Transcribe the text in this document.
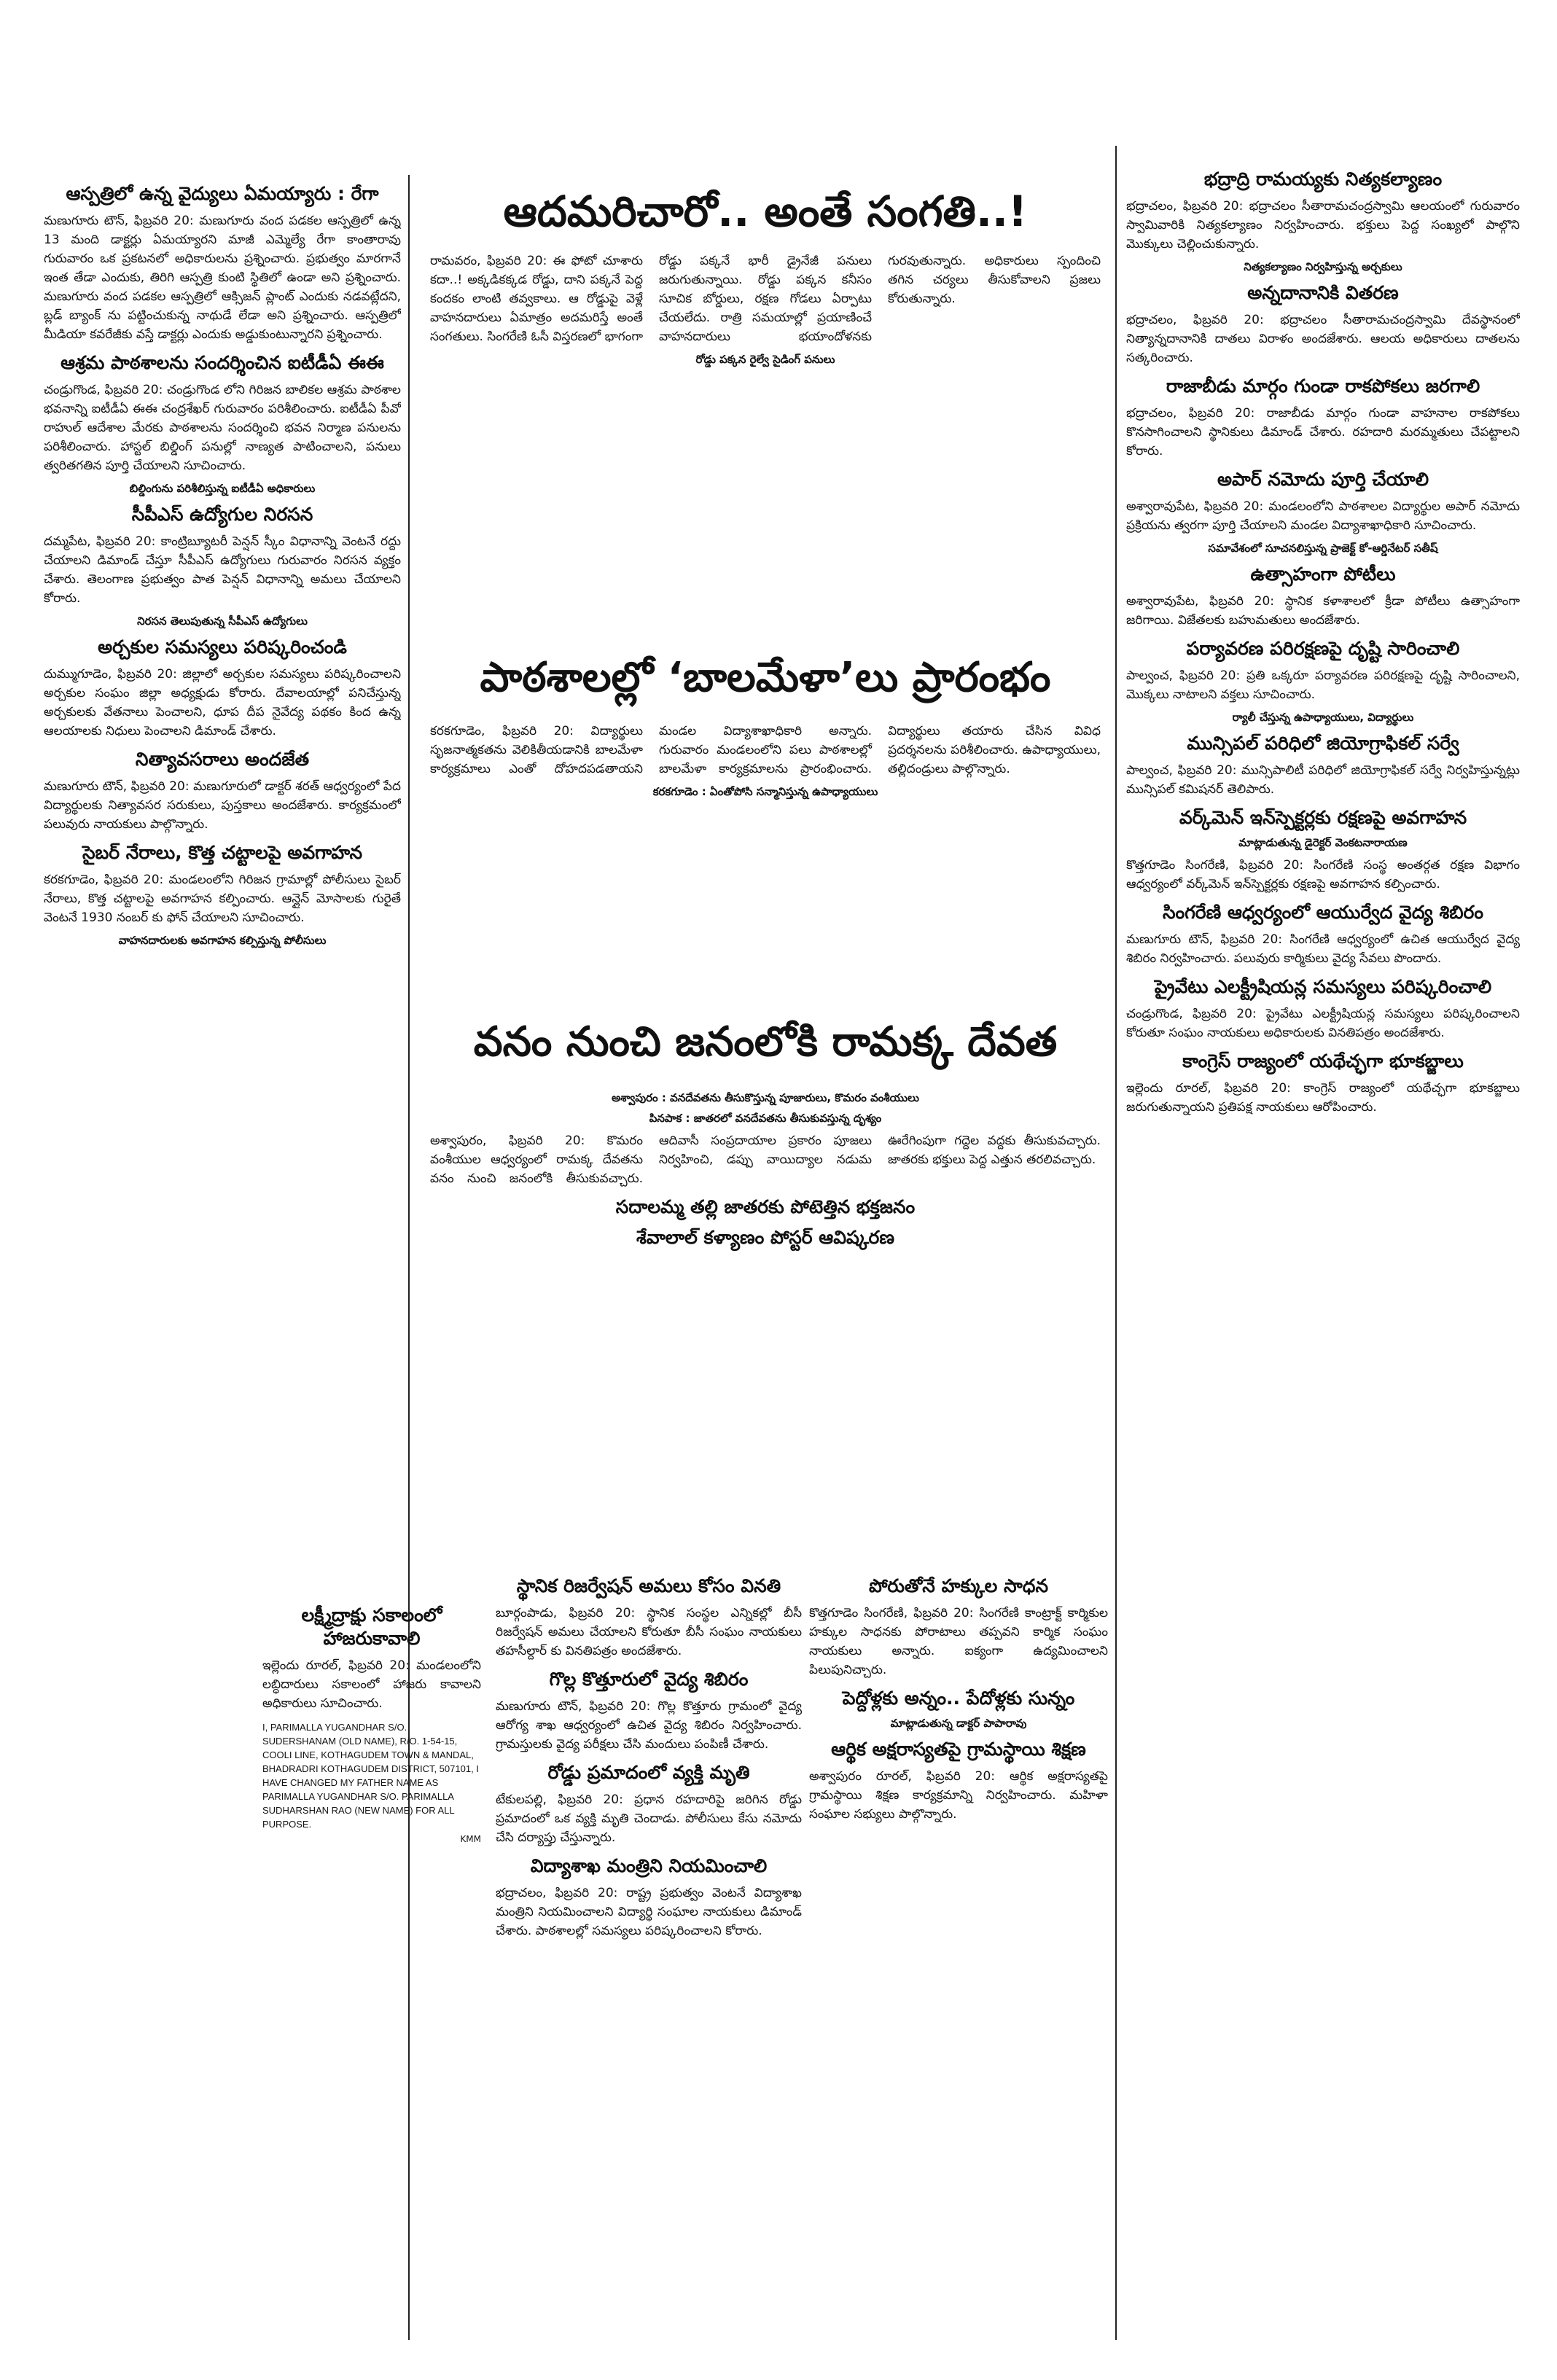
ఆస్పత్రిలో ఉన్న వైద్యులు ఏమయ్యారు : రేగా

మణుగూరు టౌన్, ఫిబ్రవరి 20: మణుగూరు వంద పడకల ఆస్పత్రిలో ఉన్న 13 మంది డాక్టర్లు ఏమయ్యారని మాజీ ఎమ్మెల్యే రేగా కాంతారావు గురువారం ఒక ప్రకటనలో అధికారులను ప్రశ్నించారు. ప్రభుత్వం మారగానే ఇంత తేడా ఎందుకు, తిరిగి ఆస్పత్రి కుంటి స్థితిలో ఉండా అని ప్రశ్నించారు. మణుగూరు వంద పడకల ఆస్పత్రిలో ఆక్సిజన్ ప్లాంట్ ఎందుకు నడవట్లేదని, బ్లడ్ బ్యాంక్ ను పట్టించుకున్న నాథుడే లేడా అని ప్రశ్నించారు. ఆస్పత్రిలో మీడియా కవరేజీకు వస్తే డాక్టర్లు ఎందుకు అడ్డుకుంటున్నారని ప్రశ్నించారు.

ఆశ్రమ పాఠశాలను సందర్శించిన ఐటీడీఏ ఈఈ

చండ్రుగొండ, ఫిబ్రవరి 20: చండ్రుగొండ లోని గిరిజన బాలికల ఆశ్రమ పాఠశాల భవనాన్ని ఐటీడీఏ ఈఈ చంద్రశేఖర్ గురువారం పరిశీలించారు. ఐటీడీఏ పీవో రాహుల్ ఆదేశాల మేరకు పాఠశాలను సందర్శించి భవన నిర్మాణ పనులను పరిశీలించారు. హాస్టల్ బిల్డింగ్ పనుల్లో నాణ్యత పాటించాలని, పనులు త్వరితగతిన పూర్తి చేయాలని సూచించారు.

బిల్డింగును పరిశీలిస్తున్న ఐటీడీఏ అధికారులు
సీపీఎస్ ఉద్యోగుల నిరసన

దమ్మపేట, ఫిబ్రవరి 20: కాంట్రిబ్యూటరీ పెన్షన్ స్కీం విధానాన్ని వెంటనే రద్దు చేయాలని డిమాండ్ చేస్తూ సీపీఎస్ ఉద్యోగులు గురువారం నిరసన వ్యక్తం చేశారు. తెలంగాణ ప్రభుత్వం పాత పెన్షన్ విధానాన్ని అమలు చేయాలని కోరారు.

నిరసన తెలుపుతున్న సీపీఎస్ ఉద్యోగులు
అర్చకుల సమస్యలు పరిష్కరించండి

దుమ్ముగూడెం, ఫిబ్రవరి 20: జిల్లాలో అర్చకుల సమస్యలు పరిష్కరించాలని అర్చకుల సంఘం జిల్లా అధ్యక్షుడు కోరారు. దేవాలయాల్లో పనిచేస్తున్న అర్చకులకు వేతనాలు పెంచాలని, ధూప దీప నైవేద్య పథకం కింద ఉన్న ఆలయాలకు నిధులు పెంచాలని డిమాండ్ చేశారు.

నిత్యావసరాలు అందజేత

మణుగూరు టౌన్, ఫిబ్రవరి 20: మణుగూరులో డాక్టర్ శరత్ ఆధ్వర్యంలో పేద విద్యార్థులకు నిత్యావసర సరుకులు, పుస్తకాలు అందజేశారు. కార్యక్రమంలో పలువురు నాయకులు పాల్గొన్నారు.

సైబర్ నేరాలు, కొత్త చట్టాలపై అవగాహన

కరకగూడెం, ఫిబ్రవరి 20: మండలంలోని గిరిజన గ్రామాల్లో పోలీసులు సైబర్ నేరాలు, కొత్త చట్టాలపై అవగాహన కల్పించారు. ఆన్లైన్ మోసాలకు గురైతే వెంటనే 1930 నంబర్ కు ఫోన్ చేయాలని సూచించారు.

వాహనదారులకు అవగాహన కల్పిస్తున్న పోలీసులు
ఆదమరిచారో.. అంతే సంగతి..!

రామవరం, ఫిబ్రవరి 20: ఈ ఫోటో చూశారు కదా..! అక్కడికక్కడ రోడ్డు, దాని పక్కనే పెద్ద కందకం లాంటి తవ్వకాలు. ఆ రోడ్డుపై వెళ్లే వాహనదారులు ఏమాత్రం అదమరిస్తే అంతే సంగతులు. సింగరేణి ఓసీ విస్తరణలో భాగంగా రోడ్డు పక్కనే భారీ డ్రైనేజీ పనులు జరుగుతున్నాయి. రోడ్డు పక్కన కనీసం సూచిక బోర్డులు, రక్షణ గోడలు ఏర్పాటు చేయలేదు. రాత్రి సమయాల్లో ప్రయాణించే వాహనదారులు భయాందోళనకు గురవుతున్నారు. అధికారులు స్పందించి తగిన చర్యలు తీసుకోవాలని ప్రజలు కోరుతున్నారు.

రోడ్డు పక్కన రైల్వే సైడింగ్ పనులు
పాఠశాలల్లో ‘బాలమేళా’లు ప్రారంభం

కరకగూడెం, ఫిబ్రవరి 20: విద్యార్థులు సృజనాత్మకతను వెలికితీయడానికి బాలమేళా కార్యక్రమాలు ఎంతో దోహదపడతాయని మండల విద్యాశాఖాధికారి అన్నారు. గురువారం మండలంలోని పలు పాఠశాలల్లో బాలమేళా కార్యక్రమాలను ప్రారంభించారు. విద్యార్థులు తయారు చేసిన వివిధ ప్రదర్శనలను పరిశీలించారు. ఉపాధ్యాయులు, తల్లిదండ్రులు పాల్గొన్నారు.

కరకగూడెం : ఏంతోపోసి సన్మానిస్తున్న ఉపాధ్యాయులు
వనం నుంచి జనంలోకి రామక్క దేవత
అశ్వాపురం : వనదేవతను తీసుకొస్తున్న పూజారులు, కొమరం వంశీయులు
పినపాక : జాతరలో వనదేవతను తీసుకువస్తున్న దృశ్యం

అశ్వాపురం, ఫిబ్రవరి 20: కొమరం వంశీయుల ఆధ్వర్యంలో రామక్క దేవతను వనం నుంచి జనంలోకి తీసుకువచ్చారు. ఆదివాసీ సంప్రదాయాల ప్రకారం పూజలు నిర్వహించి, డప్పు వాయిద్యాల నడుమ ఊరేగింపుగా గద్దెల వద్దకు తీసుకువచ్చారు. జాతరకు భక్తులు పెద్ద ఎత్తున తరలివచ్చారు.

సదాలమ్మ తల్లి జాతరకు పోటెత్తిన భక్తజనం
శేవాలాల్ కళ్యాణం పోస్టర్ ఆవిష్కరణ
లక్ష్మీద్రాక్షు సకాలంలో హాజరుకావాలి

ఇల్లెందు రూరల్, ఫిబ్రవరి 20: మండలంలోని లబ్ధిదారులు సకాలంలో హాజరు కావాలని అధికారులు సూచించారు.

I, PARIMALLA YUGANDHAR S/O. SUDERSHANAM (OLD NAME), R/O. 1-54-15, COOLI LINE, KOTHAGUDEM TOWN & MANDAL, BHADRADRI KOTHAGUDEM DISTRICT, 507101, I HAVE CHANGED MY FATHER NAME AS PARIMALLA YUGANDHAR S/O. PARIMALLA SUDHARSHAN RAO (NEW NAME) FOR ALL PURPOSE.
KMM
స్థానిక రిజర్వేషన్ అమలు కోసం వినతి

బూర్గంపాడు, ఫిబ్రవరి 20: స్థానిక సంస్థల ఎన్నికల్లో బీసీ రిజర్వేషన్ అమలు చేయాలని కోరుతూ బీసీ సంఘం నాయకులు తహసీల్దార్ కు వినతిపత్రం అందజేశారు.

గొల్ల కొత్తూరులో వైద్య శిబిరం

మణుగూరు టౌన్, ఫిబ్రవరి 20: గొల్ల కొత్తూరు గ్రామంలో వైద్య ఆరోగ్య శాఖ ఆధ్వర్యంలో ఉచిత వైద్య శిబిరం నిర్వహించారు. గ్రామస్తులకు వైద్య పరీక్షలు చేసి మందులు పంపిణీ చేశారు.

రోడ్డు ప్రమాదంలో వ్యక్తి మృతి

టేకులపల్లి, ఫిబ్రవరి 20: ప్రధాన రహదారిపై జరిగిన రోడ్డు ప్రమాదంలో ఒక వ్యక్తి మృతి చెందాడు. పోలీసులు కేసు నమోదు చేసి దర్యాప్తు చేస్తున్నారు.

విద్యాశాఖ మంత్రిని నియమించాలి

భద్రాచలం, ఫిబ్రవరి 20: రాష్ట్ర ప్రభుత్వం వెంటనే విద్యాశాఖ మంత్రిని నియమించాలని విద్యార్థి సంఘాల నాయకులు డిమాండ్ చేశారు. పాఠశాలల్లో సమస్యలు పరిష్కరించాలని కోరారు.

పోరుతోనే హక్కుల సాధన

కొత్తగూడెం సింగరేణి, ఫిబ్రవరి 20: సింగరేణి కాంట్రాక్ట్ కార్మికుల హక్కుల సాధనకు పోరాటాలు తప్పవని కార్మిక సంఘం నాయకులు అన్నారు. ఐక్యంగా ఉద్యమించాలని పిలుపునిచ్చారు.

పెద్దోళ్లకు అన్నం.. పేదోళ్లకు సున్నం
మాట్లాడుతున్న డాక్టర్ పాపారావు
ఆర్థిక అక్షరాస్యతపై గ్రామస్థాయి శిక్షణ

అశ్వాపురం రూరల్, ఫిబ్రవరి 20: ఆర్థిక అక్షరాస్యతపై గ్రామస్థాయి శిక్షణ కార్యక్రమాన్ని నిర్వహించారు. మహిళా సంఘాల సభ్యులు పాల్గొన్నారు.

భద్రాద్రి రామయ్యకు నిత్యకల్యాణం

భద్రాచలం, ఫిబ్రవరి 20: భద్రాచలం సీతారామచంద్రస్వామి ఆలయంలో గురువారం స్వామివారికి నిత్యకల్యాణం నిర్వహించారు. భక్తులు పెద్ద సంఖ్యలో పాల్గొని మొక్కులు చెల్లించుకున్నారు.

నిత్యకల్యాణం నిర్వహిస్తున్న అర్చకులు
అన్నదానానికి వితరణ

భద్రాచలం, ఫిబ్రవరి 20: భద్రాచలం సీతారామచంద్రస్వామి దేవస్థానంలో నిత్యాన్నదానానికి దాతలు విరాళం అందజేశారు. ఆలయ అధికారులు దాతలను సత్కరించారు.

రాజాబీడు మార్గం గుండా రాకపోకలు జరగాలి

భద్రాచలం, ఫిబ్రవరి 20: రాజాబీడు మార్గం గుండా వాహనాల రాకపోకలు కొనసాగించాలని స్థానికులు డిమాండ్ చేశారు. రహదారి మరమ్మతులు చేపట్టాలని కోరారు.

అపార్ నమోదు పూర్తి చేయాలి

అశ్వారావుపేట, ఫిబ్రవరి 20: మండలంలోని పాఠశాలల విద్యార్థుల అపార్ నమోదు ప్రక్రియను త్వరగా పూర్తి చేయాలని మండల విద్యాశాఖాధికారి సూచించారు.

సమావేశంలో సూచనలిస్తున్న ప్రాజెక్ట్ కో-ఆర్డినేటర్ సతీష్
ఉత్సాహంగా పోటీలు

అశ్వారావుపేట, ఫిబ్రవరి 20: స్థానిక కళాశాలలో క్రీడా పోటీలు ఉత్సాహంగా జరిగాయి. విజేతలకు బహుమతులు అందజేశారు.

పర్యావరణ పరిరక్షణపై దృష్టి సారించాలి

పాల్వంచ, ఫిబ్రవరి 20: ప్రతి ఒక్కరూ పర్యావరణ పరిరక్షణపై దృష్టి సారించాలని, మొక్కలు నాటాలని వక్తలు సూచించారు.

ర్యాలీ చేస్తున్న ఉపాధ్యాయులు, విద్యార్థులు
మున్సిపల్ పరిధిలో జియోగ్రాఫికల్ సర్వే

పాల్వంచ, ఫిబ్రవరి 20: మున్సిపాలిటీ పరిధిలో జియోగ్రాఫికల్ సర్వే నిర్వహిస్తున్నట్లు మున్సిపల్ కమిషనర్ తెలిపారు.

వర్క్‌మెన్ ఇన్‌స్పెక్టర్లకు రక్షణపై అవగాహన
మాట్లాడుతున్న డైరెక్టర్ వెంకటనారాయణ

కొత్తగూడెం సింగరేణి, ఫిబ్రవరి 20: సింగరేణి సంస్థ అంతర్గత రక్షణ విభాగం ఆధ్వర్యంలో వర్క్‌మెన్ ఇన్‌స్పెక్టర్లకు రక్షణపై అవగాహన కల్పించారు.

సింగరేణి ఆధ్వర్యంలో ఆయుర్వేద వైద్య శిబిరం

మణుగూరు టౌన్, ఫిబ్రవరి 20: సింగరేణి ఆధ్వర్యంలో ఉచిత ఆయుర్వేద వైద్య శిబిరం నిర్వహించారు. పలువురు కార్మికులు వైద్య సేవలు పొందారు.

ప్రైవేటు ఎలక్ట్రీషియన్ల సమస్యలు పరిష్కరించాలి

చండ్రుగొండ, ఫిబ్రవరి 20: ప్రైవేటు ఎలక్ట్రీషియన్ల సమస్యలు పరిష్కరించాలని కోరుతూ సంఘం నాయకులు అధికారులకు వినతిపత్రం అందజేశారు.

కాంగ్రెస్ రాజ్యంలో యథేచ్ఛగా భూకబ్జాలు

ఇల్లెందు రూరల్, ఫిబ్రవరి 20: కాంగ్రెస్ రాజ్యంలో యథేచ్ఛగా భూకబ్జాలు జరుగుతున్నాయని ప్రతిపక్ష నాయకులు ఆరోపించారు.
